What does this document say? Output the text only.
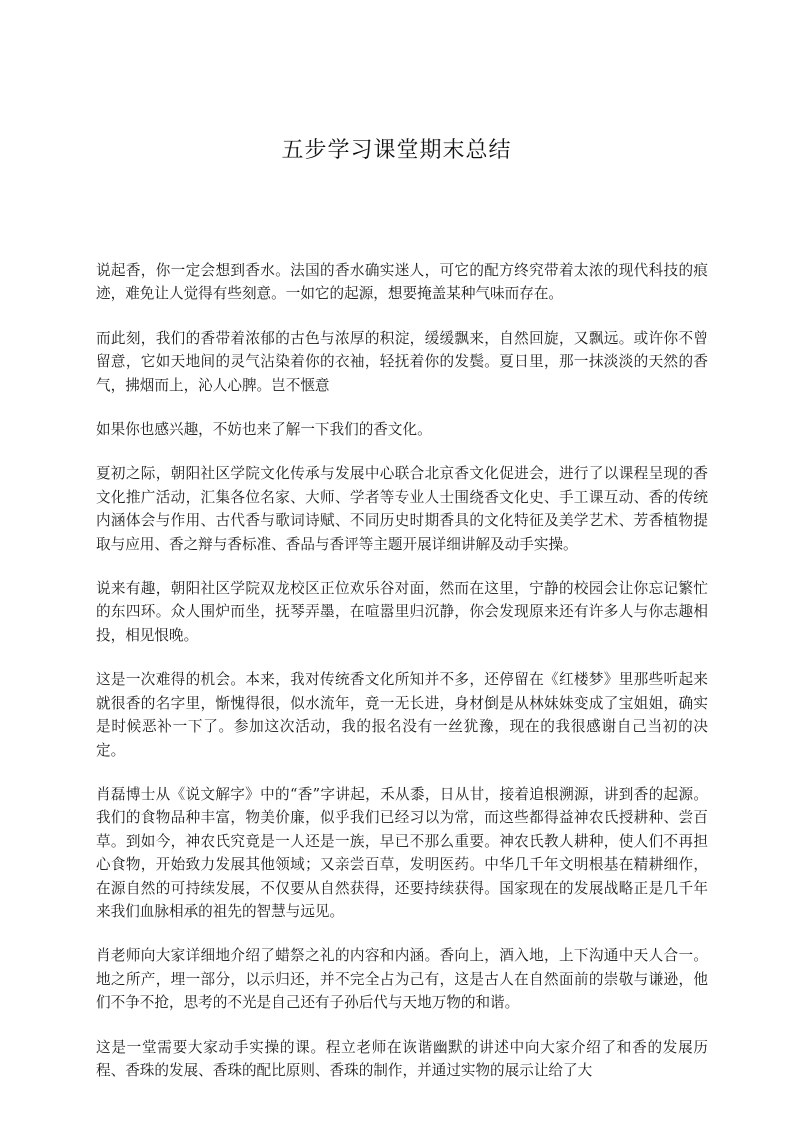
五步学习课堂期末总结

说起香，你一定会想到香水。法国的香水确实迷人，可它的配方终究带着太浓的现代科技的痕迹，难免让人觉得有些刻意。一如它的起源，想要掩盖某种气味而存在。

而此刻，我们的香带着浓郁的古色与浓厚的积淀，缓缓飘来，自然回旋，又飘远。或许你不曾留意，它如天地间的灵气沾染着你的衣袖，轻抚着你的发鬓。夏日里，那一抹淡淡的天然的香气，拂烟而上，沁人心脾。岂不惬意

如果你也感兴趣，不妨也来了解一下我们的香文化。

夏初之际，朝阳社区学院文化传承与发展中心联合北京香文化促进会，进行了以课程呈现的香文化推广活动，汇集各位名家、大师、学者等专业人士围绕香文化史、手工课互动、香的传统内涵体会与作用、古代香与歌词诗赋、不同历史时期香具的文化特征及美学艺术、芳香植物提取与应用、香之辩与香标准、香品与香评等主题开展详细讲解及动手实操。

说来有趣，朝阳社区学院双龙校区正位欢乐谷对面，然而在这里，宁静的校园会让你忘记繁忙的东四环。众人围炉而坐，抚琴弄墨，在喧嚣里归沉静，你会发现原来还有许多人与你志趣相投，相见恨晚。

这是一次难得的机会。本来，我对传统香文化所知并不多，还停留在《红楼梦》里那些听起来就很香的名字里，惭愧得很，似水流年，竟一无长进，身材倒是从林妹妹变成了宝姐姐，确实是时候恶补一下了。参加这次活动，我的报名没有一丝犹豫，现在的我很感谢自己当初的决定。

肖磊博士从《说文解字》中的“香”字讲起，禾从黍，日从甘，接着追根溯源，讲到香的起源。我们的食物品种丰富，物美价廉，似乎我们已经习以为常，而这些都得益神农氏授耕种、尝百草。到如今，神农氏究竟是一人还是一族，早已不那么重要。神农氏教人耕种，使人们不再担心食物，开始致力发展其他领域；又亲尝百草，发明医药。中华几千年文明根基在精耕细作，在源自然的可持续发展，不仅要从自然获得，还要持续获得。国家现在的发展战略正是几千年来我们血脉相承的祖先的智慧与远见。

肖老师向大家详细地介绍了蜡祭之礼的内容和内涵。香向上，酒入地，上下沟通中天人合一。地之所产，埋一部分，以示归还，并不完全占为己有，这是古人在自然面前的崇敬与谦逊，他们不争不抢，思考的不光是自己还有子孙后代与天地万物的和谐。

这是一堂需要大家动手实操的课。程立老师在诙谐幽默的讲述中向大家介绍了和香的发展历程、香珠的发展、香珠的配比原则、香珠的制作，并通过实物的展示让给了大
